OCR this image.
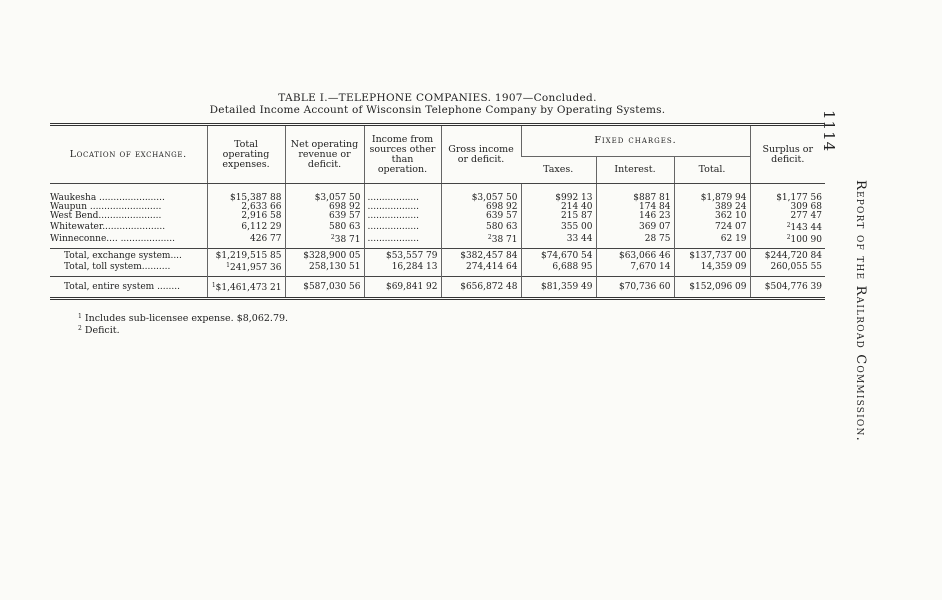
1114
Report of the Railroad Commission.
TABLE I.—TELEPHONE COMPANIES. 1907—Concluded.
Detailed Income Account of Wisconsin Telephone Company by Operating Systems.
Location of exchange.	Total operating expenses.	Net operating revenue or deficit.	Income from sources other than operation.	Gross income or deficit.	Fixed charges.			Surplus or deficit.
					Taxes.	Interest.	Total.	
Waukesha .......................	$15,387 88	$3,057 50	..................	$3,057 50	$992 13	$887 81	$1,879 94	$1,177 56
Waupun .........................	2,633 66	698 92	..................	698 92	214 40	174 84	389 24	309 68
West Bend......................	2,916 58	639 57	..................	639 57	215 87	146 23	362 10	277 47
Whitewater......................	6,112 29	580 63	..................	580 63	355 00	369 07	724 07	$^2$143 44
Winneconne.... ...................	426 77	$^2$38 71	..................	$^2$38 71	33 44	28 75	62 19	$^2$100 90
Total, exchange system....	$1,219,515 85	$328,900 05	$53,557 79	$382,457 84	$74,670 54	$63,066 46	$137,737 00	$244,720 84
Total, toll system..........	$^1$241,957 36	258,130 51	16,284 13	274,414 64	6,688 95	7,670 14	14,359 09	260,055 55
Total, entire system ........	$^1$\$1,461,473 21	$587,030 56	$69,841 92	$656,872 48	$81,359 49	$70,736 60	$152,096 09	$504,776 39
$^1$ Includes sub-licensee expense. $8,062.79.
$^2$ Deficit.
